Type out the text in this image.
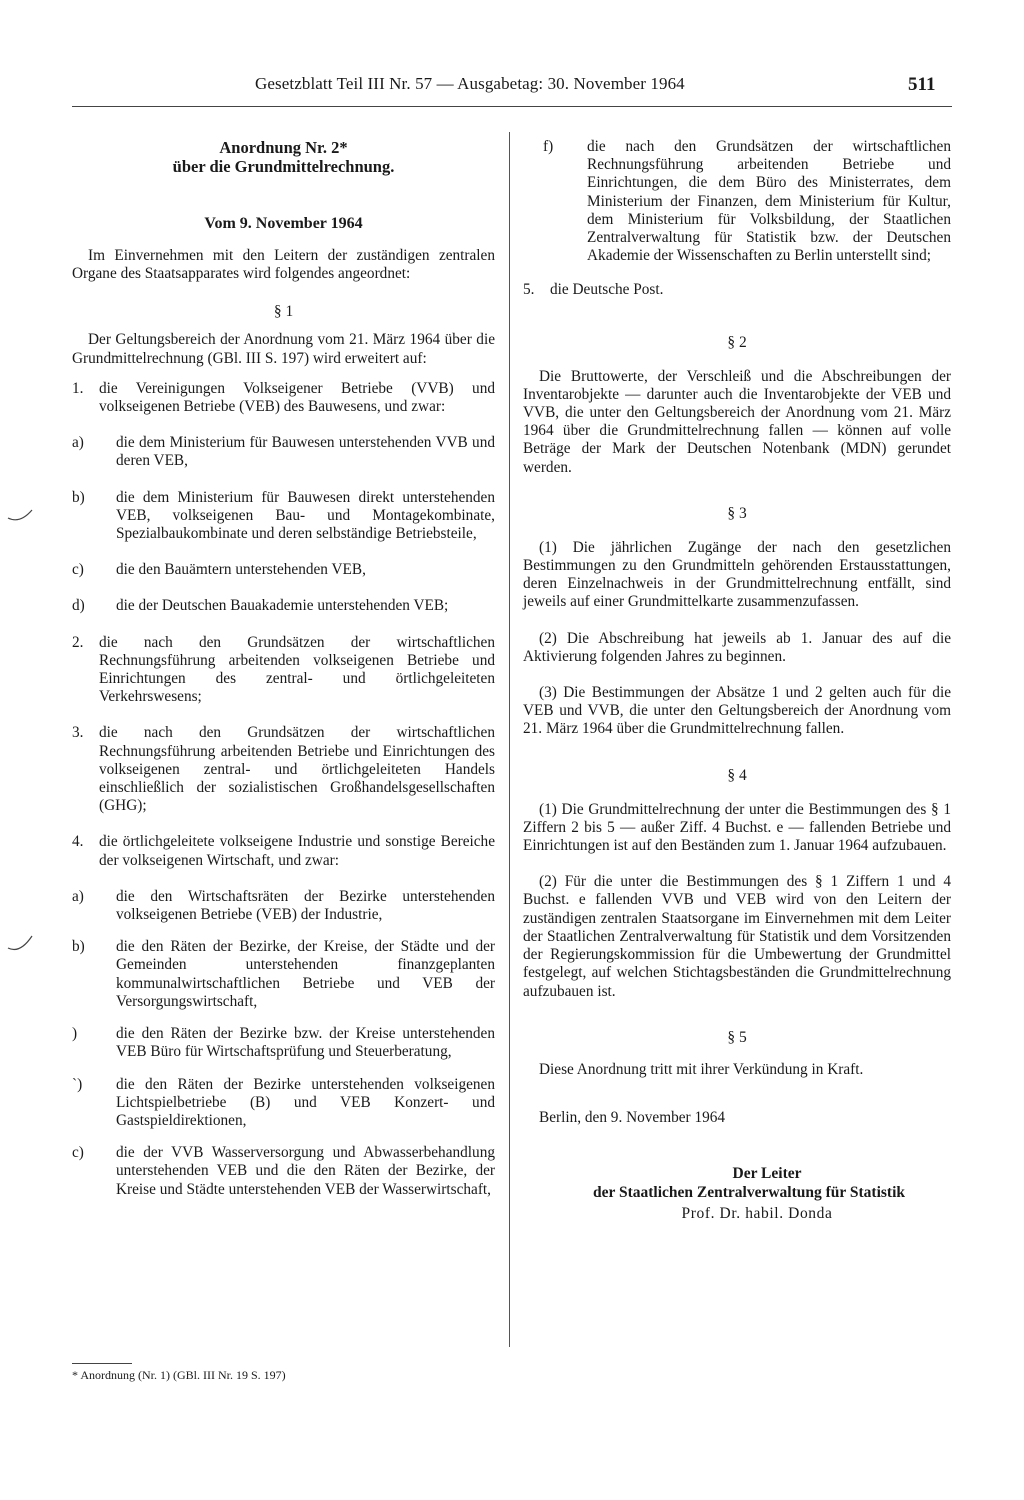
Gesetzblatt Teil III Nr. 57 — Ausgabetag: 30. November 1964	511
Anordnung Nr. 2*
über die Grundmittelrechnung.
Vom 9. November 1964

Im Einvernehmen mit den Leitern der zuständigen zentralen Organe des Staatsapparates wird folgendes angeordnet:

§ 1

Der Geltungsbereich der Anordnung vom 21. März 1964 über die Grundmittelrechnung (GBl. III S. 197) wird erweitert auf:

1.	die Vereinigungen Volkseigener Betriebe (VVB) und volkseigenen Betriebe (VEB) des Bauwesens, und zwar:
a)	die dem Ministerium für Bauwesen unterstehenden VVB und deren VEB,
b)	die dem Ministerium für Bauwesen direkt unterstehenden VEB, volkseigenen Bau- und Montagekombinate, Spezialbaukombinate und deren selbständige Betriebsteile,
c)	die den Bauämtern unterstehenden VEB,
d)	die der Deutschen Bauakademie unterstehenden VEB;
2.	die nach den Grundsätzen der wirtschaftlichen Rechnungsführung arbeitenden volkseigenen Betriebe und Einrichtungen des zentral- und örtlichgeleiteten Verkehrswesens;
3.	die nach den Grundsätzen der wirtschaftlichen Rechnungsführung arbeitenden Betriebe und Einrichtungen des volkseigenen zentral- und örtlichgeleiteten Handels einschließlich der sozialistischen Großhandelsgesellschaften (GHG);
4.	die örtlichgeleitete volkseigene Industrie und sonstige Bereiche der volkseigenen Wirtschaft, und zwar:
a)	die den Wirtschaftsräten der Bezirke unterstehenden volkseigenen Betriebe (VEB) der Industrie,
b)	die den Räten der Bezirke, der Kreise, der Städte und der Gemeinden unterstehenden finanzgeplanten kommunalwirtschaftlichen Betriebe und VEB der Versorgungswirtschaft,
)	die den Räten der Bezirke bzw. der Kreise unterstehenden VEB Büro für Wirtschaftsprüfung und Steuerberatung,
`)	die den Räten der Bezirke unterstehenden volkseigenen Lichtspielbetriebe (B) und VEB Konzert- und Gastspieldirektionen,
c)	die der VVB Wasserversorgung und Abwasserbehandlung unterstehenden VEB und die den Räten der Bezirke, der Kreise und Städte unterstehenden VEB der Wasserwirtschaft,
* Anordnung (Nr. 1) (GBl. III Nr. 19 S. 197)
f)	die nach den Grundsätzen der wirtschaftlichen Rechnungsführung arbeitenden Betriebe und Einrichtungen, die dem Büro des Ministerrates, dem Ministerium der Finanzen, dem Ministerium für Kultur, dem Ministerium für Volksbildung, der Staatlichen Zentralverwaltung für Statistik bzw. der Deutschen Akademie der Wissenschaften zu Berlin unterstellt sind;
5.	die Deutsche Post.
§ 2

Die Bruttowerte, der Verschleiß und die Abschreibungen der Inventarobjekte — darunter auch die Inventarobjekte der VEB und VVB, die unter den Geltungsbereich der Anordnung vom 21. März 1964 über die Grundmittelrechnung fallen — können auf volle Beträge der Mark der Deutschen Notenbank (MDN) gerundet werden.

§ 3

(1) Die jährlichen Zugänge der nach den gesetzlichen Bestimmungen zu den Grundmitteln gehörenden Erstausstattungen, deren Einzelnachweis in der Grundmittelrechnung entfällt, sind jeweils auf einer Grundmittelkarte zusammenzufassen.

(2) Die Abschreibung hat jeweils ab 1. Januar des auf die Aktivierung folgenden Jahres zu beginnen.

(3) Die Bestimmungen der Absätze 1 und 2 gelten auch für die VEB und VVB, die unter den Geltungsbereich der Anordnung vom 21. März 1964 über die Grundmittelrechnung fallen.

§ 4

(1) Die Grundmittelrechnung der unter die Bestimmungen des § 1 Ziffern 2 bis 5 — außer Ziff. 4 Buchst. e — fallenden Betriebe und Einrichtungen ist auf den Beständen zum 1. Januar 1964 aufzubauen.

(2) Für die unter die Bestimmungen des § 1 Ziffern 1 und 4 Buchst. e fallenden VVB und VEB wird von den Leitern der zuständigen zentralen Staatsorgane im Einvernehmen mit dem Leiter der Staatlichen Zentralverwaltung für Statistik und dem Vorsitzenden der Regierungskommission für die Umbewertung der Grundmittel festgelegt, auf welchen Stichtagsbeständen die Grundmittelrechnung aufzubauen ist.

§ 5

Diese Anordnung tritt mit ihrer Verkündung in Kraft.

Berlin, den 9. November 1964

Der Leiter
der Staatlichen Zentralverwaltung für Statistik
Prof. Dr. habil. Donda
